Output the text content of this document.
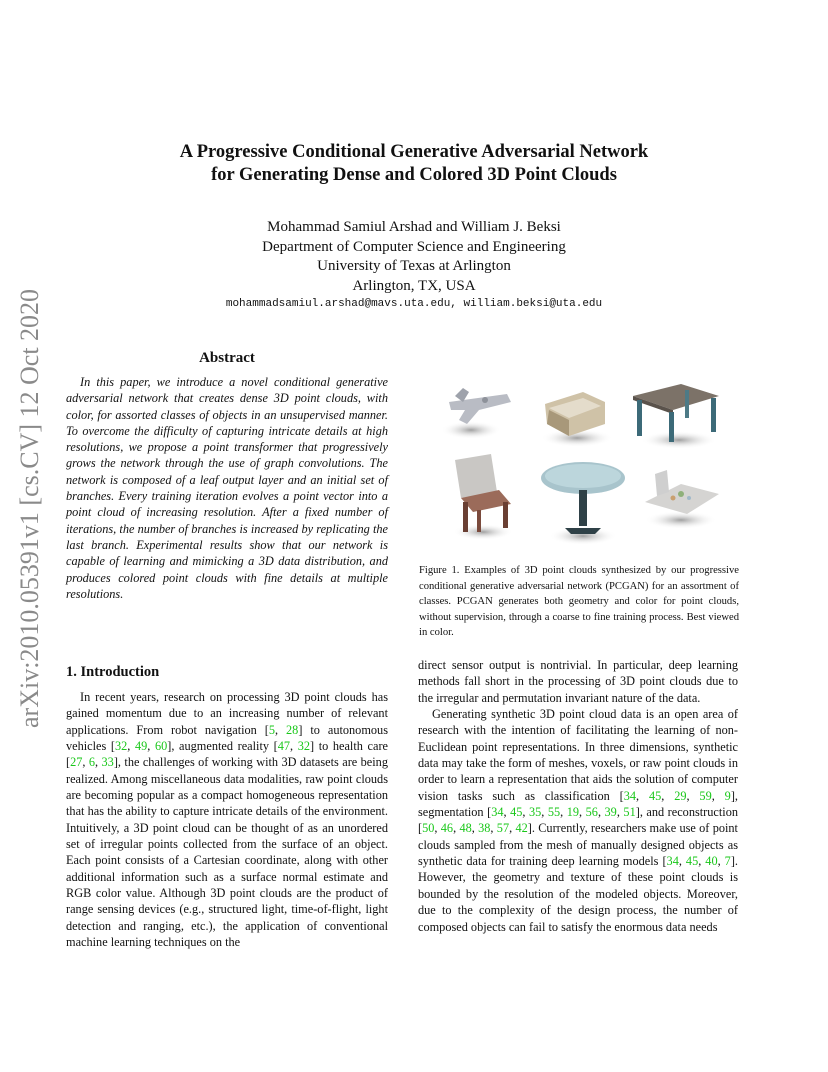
arXiv:2010.05391v1 [cs.CV] 12 Oct 2020
A Progressive Conditional Generative Adversarial Network
for Generating Dense and Colored 3D Point Clouds
Mohammad Samiul Arshad and William J. Beksi
Department of Computer Science and Engineering
University of Texas at Arlington
Arlington, TX, USA
mohammadsamiul.arshad@mavs.uta.edu, william.beksi@uta.edu
Abstract
In this paper, we introduce a novel conditional generative adversarial network that creates dense 3D point clouds, with color, for assorted classes of objects in an unsupervised manner. To overcome the difficulty of capturing intricate details at high resolutions, we propose a point transformer that progressively grows the network through the use of graph convolutions. The network is composed of a leaf output layer and an initial set of branches. Every training iteration evolves a point vector into a point cloud of increasing resolution. After a fixed number of iterations, the number of branches is increased by replicating the last branch. Experimental results show that our network is capable of learning and mimicking a 3D data distribution, and produces colored point clouds with fine details at multiple resolutions.
Figure 1. Examples of 3D point clouds synthesized by our progressive conditional generative adversarial network (PCGAN) for an assortment of classes. PCGAN generates both geometry and color for point clouds, without supervision, through a coarse to fine training process. Best viewed in color.
1. Introduction

In recent years, research on processing 3D point clouds has gained momentum due to an increasing number of relevant applications. From robot navigation [5, 28] to autonomous vehicles [32, 49, 60], augmented reality [47, 32] to health care [27, 6, 33], the challenges of working with 3D datasets are being realized. Among miscellaneous data modalities, raw point clouds are becoming popular as a compact homogeneous representation that has the ability to capture intricate details of the environment. Intuitively, a 3D point cloud can be thought of as an unordered set of irregular points collected from the surface of an object. Each point consists of a Cartesian coordinate, along with other additional information such as a surface normal estimate and RGB color value. Although 3D point clouds are the product of range sensing devices (e.g., structured light, time-of-flight, light detection and ranging, etc.), the application of conventional machine learning techniques on the

direct sensor output is nontrivial. In particular, deep learning methods fall short in the processing of 3D point clouds due to the irregular and permutation invariant nature of the data.

Generating synthetic 3D point cloud data is an open area of research with the intention of facilitating the learning of non-Euclidean point representations. In three dimensions, synthetic data may take the form of meshes, voxels, or raw point clouds in order to learn a representation that aids the solution of computer vision tasks such as classification [34, 45, 29, 59, 9], segmentation [34, 45, 35, 55, 19, 56, 39, 51], and reconstruction [50, 46, 48, 38, 57, 42]. Currently, researchers make use of point clouds sampled from the mesh of manually designed objects as synthetic data for training deep learning models [34, 45, 40, 7]. However, the geometry and texture of these point clouds is bounded by the resolution of the modeled objects. Moreover, due to the complexity of the design process, the number of composed objects can fail to satisfy the enormous data needs
